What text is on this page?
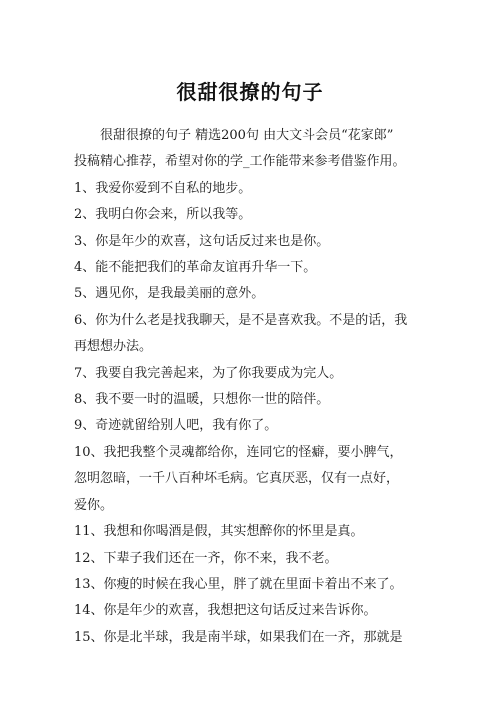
很甜很撩的句子

很甜很撩的句子 精选200句 由大文斗会员“花家郎”

投稿精心推荐，希望对你的学_工作能带来参考借鉴作用。

1、我爱你爱到不自私的地步。

2、我明白你会来，所以我等。

3、你是年少的欢喜，这句话反过来也是你。

4、能不能把我们的革命友谊再升华一下。

5、遇见你，是我最美丽的意外。

6、你为什么老是找我聊天，是不是喜欢我。不是的话，我

再想想办法。

7、我要自我完善起来，为了你我要成为完人。

8、我不要一时的温暖，只想你一世的陪伴。

9、奇迹就留给别人吧，我有你了。

10、我把我整个灵魂都给你，连同它的怪癖，要小脾气，

忽明忽暗，一千八百种坏毛病。它真厌恶，仅有一点好，

爱你。

11、我想和你喝酒是假，其实想醉你的怀里是真。

12、下辈子我们还在一齐，你不来，我不老。

13、你瘦的时候在我心里，胖了就在里面卡着出不来了。

14、你是年少的欢喜，我想把这句话反过来告诉你。

15、你是北半球，我是南半球，如果我们在一齐，那就是
